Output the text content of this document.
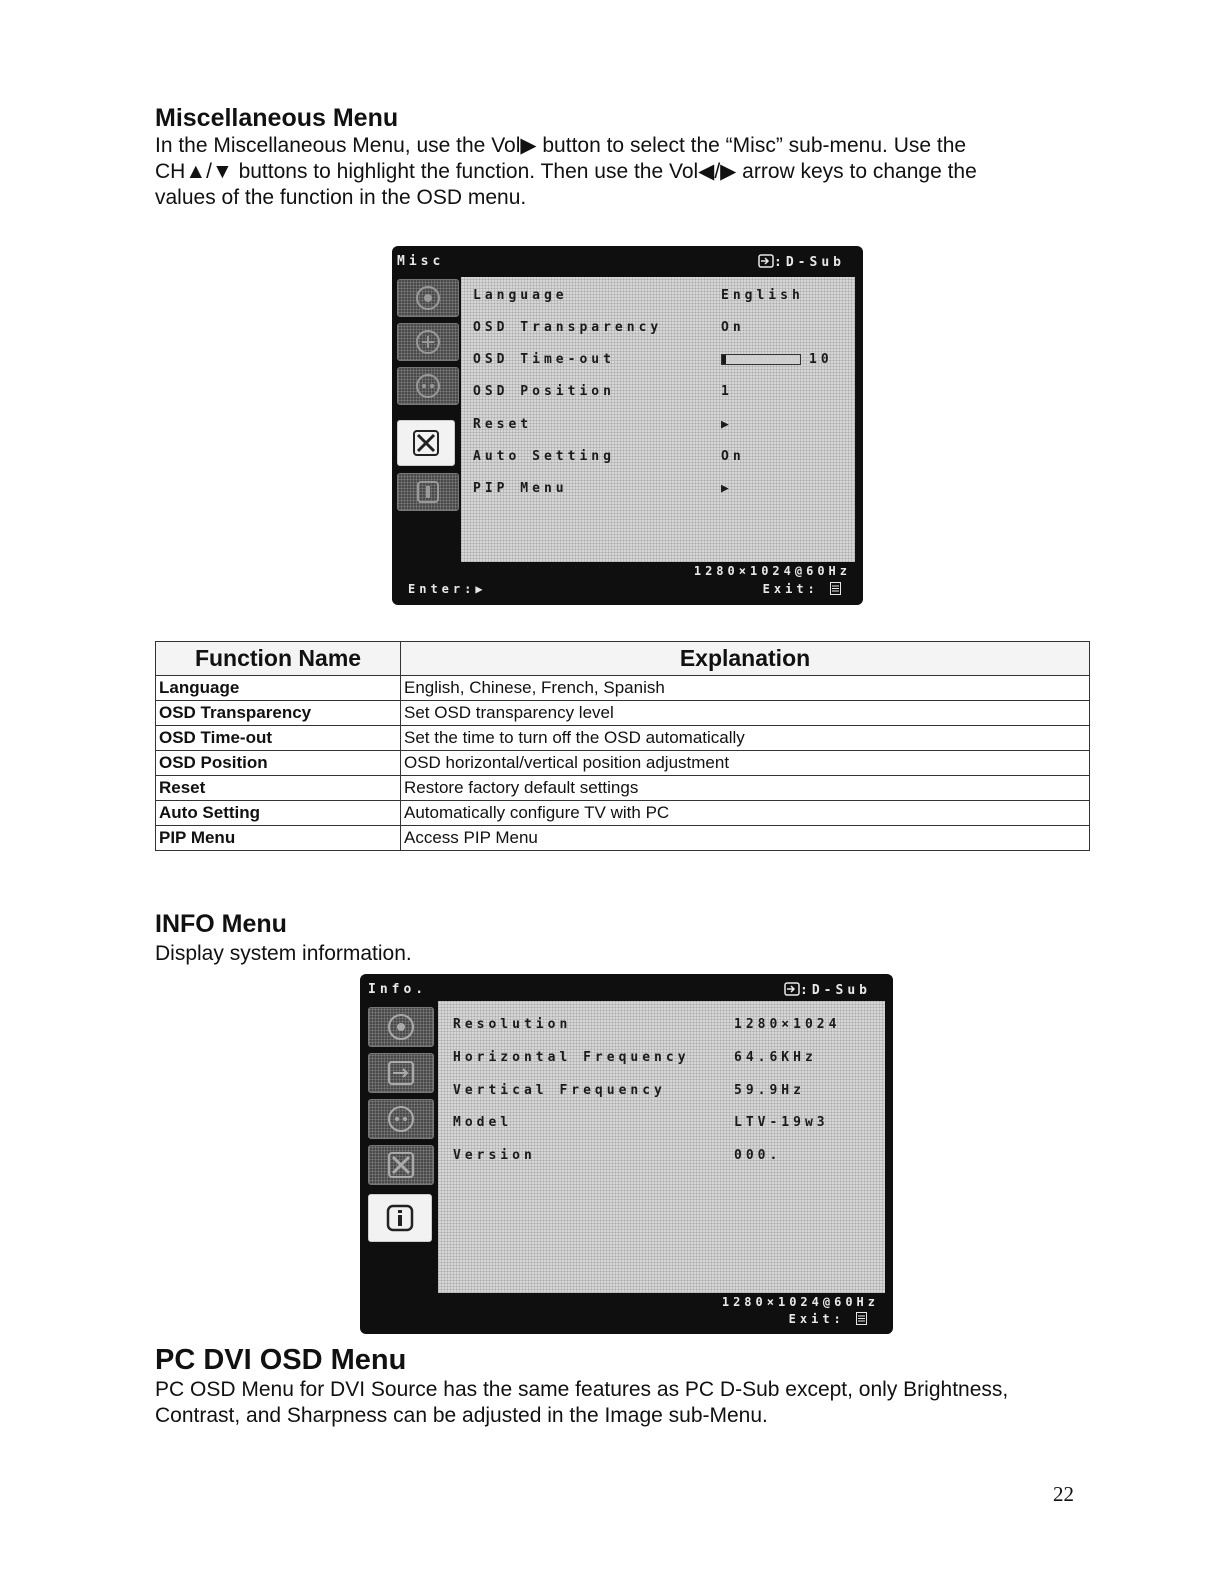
Miscellaneous Menu
In the Miscellaneous Menu, use the Vol▶ button to select the “Misc” sub-menu. Use the
CH▲/▼ buttons to highlight the function. Then use the Vol◀/▶ arrow keys to change the
values of the function in the OSD menu.
Misc	:D-Sub
Language	English
OSD Transparency	On
OSD Time-out	10
OSD Position	1
Reset	▶
Auto Setting	On
PIP Menu	▶
1280×1024@60Hz
Enter:▶	Exit:
Function Name	Explanation
Language	English, Chinese, French, Spanish
OSD Transparency	Set OSD transparency level
OSD Time-out	Set the time to turn off the OSD automatically
OSD Position	OSD horizontal/vertical position adjustment
Reset	Restore factory default settings
Auto Setting	Automatically configure TV with PC
PIP Menu	Access PIP Menu
INFO Menu
Display system information.
Info.	:D-Sub
Resolution	1280×1024
Horizontal Frequency	64.6KHz
Vertical Frequency	59.9Hz
Model	LTV-19w3
Version	000.
1280×1024@60Hz
Exit:
PC DVI OSD Menu
PC OSD Menu for DVI Source has the same features as PC D-Sub except, only Brightness,
Contrast, and Sharpness can be adjusted in the Image sub-Menu.
22
